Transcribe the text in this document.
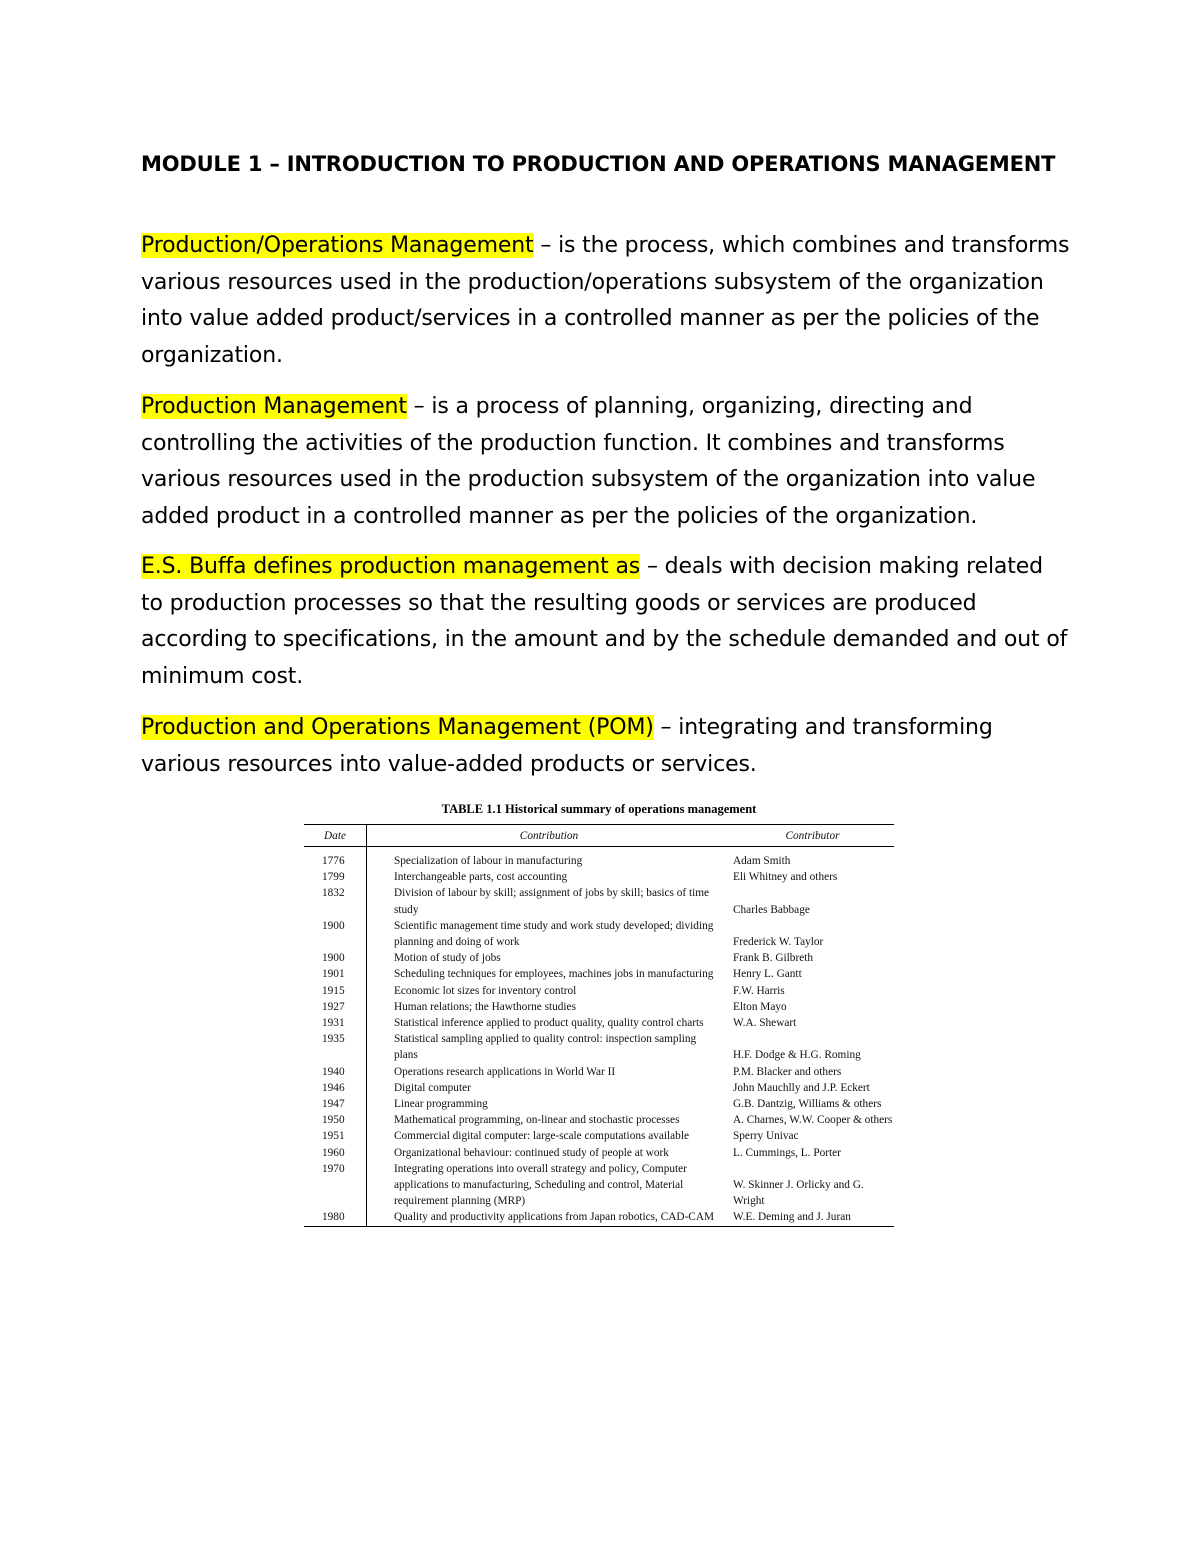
MODULE 1 – INTRODUCTION TO PRODUCTION AND OPERATIONS MANAGEMENT

Production/Operations Management – is the process, which combines and transforms various resources used in the production/operations subsystem of the organization into value added product/services in a controlled manner as per the policies of the organization.

Production Management – is a process of planning, organizing, directing and controlling the activities of the production function. It combines and transforms various resources used in the production subsystem of the organization into value added product in a controlled manner as per the policies of the organization.

E.S. Buffa defines production management as – deals with decision making related to production processes so that the resulting goods or services are produced according to specifications, in the amount and by the schedule demanded and out of minimum cost.

Production and Operations Management (POM) – integrating and transforming various resources into value-added products or services.

TABLE 1.1 Historical summary of operations management
Date	Contribution	Contributor
1776	Specialization of labour in manufacturing	Adam Smith
1799	Interchangeable parts, cost accounting	Eli Whitney and others
1832	Division of labour by skill; assignment of jobs by skill; basics of time study	Charles Babbage
1900	Scientific management time study and work study developed; dividing planning and doing of work	Frederick W. Taylor
1900	Motion of study of jobs	Frank B. Gilbreth
1901	Scheduling techniques for employees, machines jobs in manufacturing	Henry L. Gantt
1915	Economic lot sizes for inventory control	F.W. Harris
1927	Human relations; the Hawthorne studies	Elton Mayo
1931	Statistical inference applied to product quality, quality control charts	W.A. Shewart
1935	Statistical sampling applied to quality control: inspection sampling plans	H.F. Dodge & H.G. Roming
1940	Operations research applications in World War II	P.M. Blacker and others
1946	Digital computer	John Mauchlly and J.P. Eckert
1947	Linear programming	G.B. Dantzig, Williams & others
1950	Mathematical programming, on-linear and stochastic processes	A. Charnes, W.W. Cooper & others
1951	Commercial digital computer: large-scale computations available	Sperry Univac
1960	Organizational behaviour: continued study of people at work	L. Cummings, L. Porter
1970	Integrating operations into overall strategy and policy, Computer applications to manufacturing, Scheduling and control, Material requirement planning (MRP)	W. Skinner J. Orlicky and G. Wright
1980	Quality and productivity applications from Japan robotics, CAD-CAM	W.E. Deming and J. Juran
